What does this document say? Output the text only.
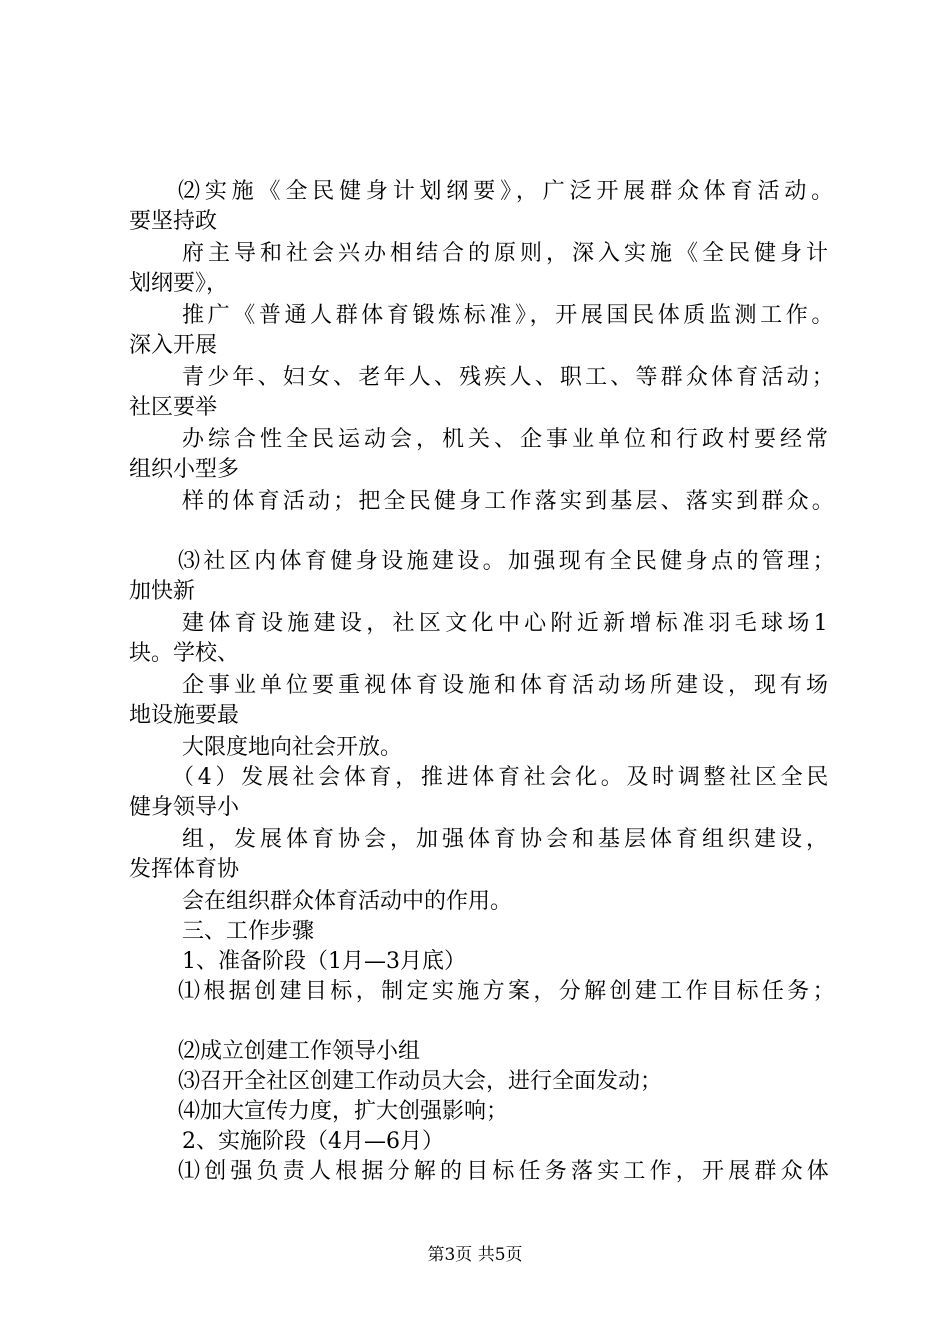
⑵实施《全民健身计划纲要》，广泛开展群众体育活动。
要坚持政
府主导和社会兴办相结合的原则，深入实施《全民健身计
划纲要》，
推广《普通人群体育锻炼标准》，开展国民体质监测工作。
深入开展
青少年、妇女、老年人、残疾人、职工、等群众体育活动；
社区要举
办综合性全民运动会，机关、企事业单位和行政村要经常
组织小型多
样的体育活动；把全民健身工作落实到基层、落实到群众。
⑶社区内体育健身设施建设。加强现有全民健身点的管理；
加快新
建体育设施建设，社区文化中心附近新增标准羽毛球场1
块。学校、
企事业单位要重视体育设施和体育活动场所建设，现有场
地设施要最
大限度地向社会开放。
（4）发展社会体育，推进体育社会化。及时调整社区全民
健身领导小
组，发展体育协会，加强体育协会和基层体育组织建设，
发挥体育协
会在组织群众体育活动中的作用。
三、工作步骤
1、准备阶段（1月—3月底）
⑴根据创建目标，制定实施方案，分解创建工作目标任务；
⑵成立创建工作领导小组
⑶召开全社区创建工作动员大会，进行全面发动；
⑷加大宣传力度，扩大创强影响；
2、实施阶段（4月—6月）
⑴创强负责人根据分解的目标任务落实工作，开展群众体
第3页 共5页
